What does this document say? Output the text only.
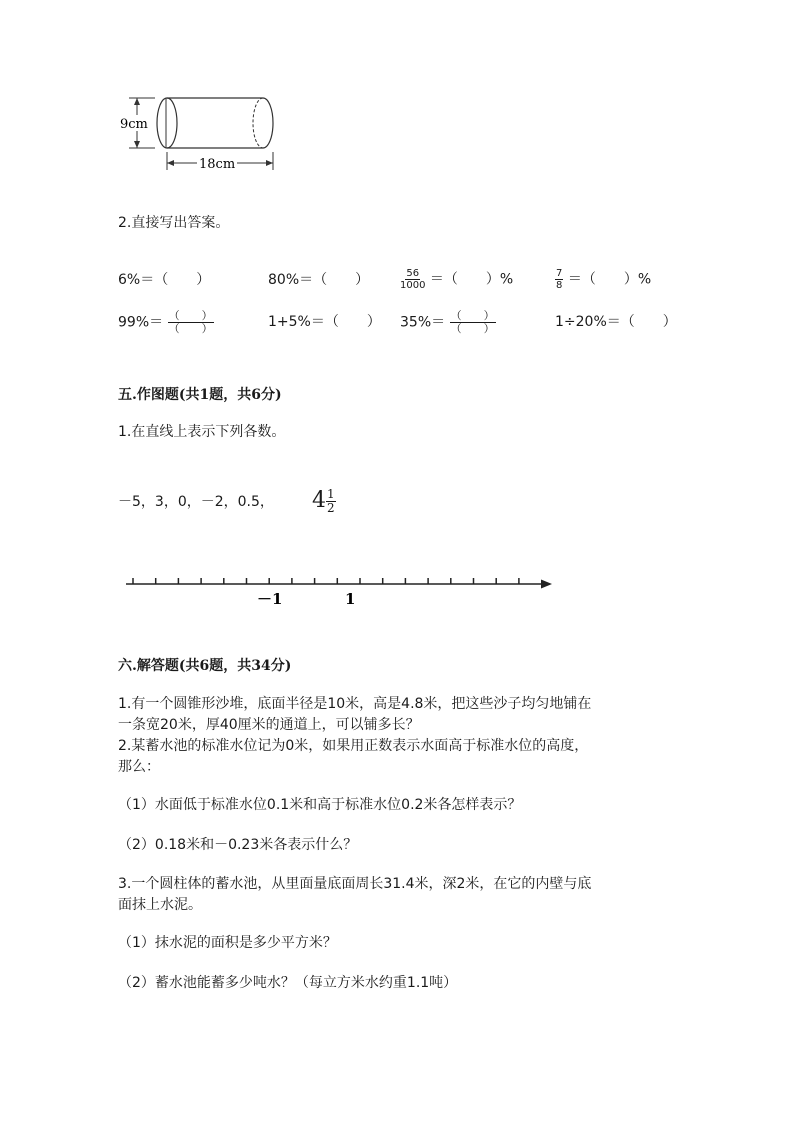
9cm
18cm
2.直接写出答案。
6%＝（　　）	80%＝（　　）	$\frac{56}{1000}$ ＝（　　）%	$\frac{7}{8}$ ＝（　　）%
$99\%= \frac{( )}{( )}$	1+5%＝（　　） $35\%= \frac{( )}{( )}$	1÷20%＝（　　）
五.作图题(共1题，共6分)
1.在直线上表示下列各数。
－5，3，0，－2，0.5， $4 \frac{1}{2}$
－1	1
六.解答题(共6题，共34分)
1.有一个圆锥形沙堆，底面半径是10米，高是4.8米，把这些沙子均匀地铺在
一条宽20米，厚40厘米的通道上，可以铺多长？
2.某蓄水池的标准水位记为0米，如果用正数表示水面高于标准水位的高度，
那么：
（1）水面低于标准水位0.1米和高于标准水位0.2米各怎样表示？
（2）0.18米和－0.23米各表示什么？
3.一个圆柱体的蓄水池，从里面量底面周长31.4米，深2米，在它的内壁与底
面抹上水泥。
（1）抹水泥的面积是多少平方米？
（2）蓄水池能蓄多少吨水？（每立方米水约重1.1吨）
